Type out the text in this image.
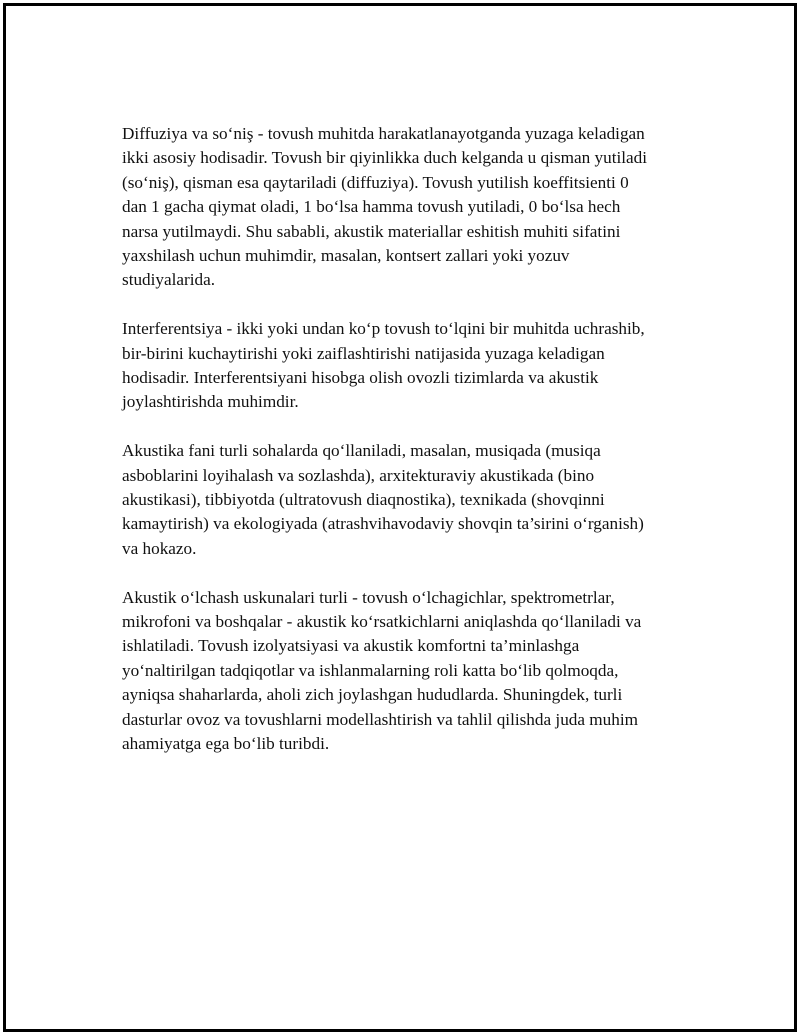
Diffuziya va so‘niş - tovush muhitda harakatlanayotganda yuzaga keladigan
ikki asosiy hodisadir. Tovush bir qiyinlikka duch kelganda u qisman yutiladi
(so‘niş), qisman esa qaytariladi (diffuziya). Tovush yutilish koeffitsienti 0
dan 1 gacha qiymat oladi, 1 bo‘lsa hamma tovush yutiladi, 0 bo‘lsa hech
narsa yutilmaydi. Shu sababli, akustik materiallar eshitish muhiti sifatini
yaxshilash uchun muhimdir, masalan, kontsert zallari yoki yozuv
studiyalarida.

Interferentsiya - ikki yoki undan ko‘p tovush to‘lqini bir muhitda uchrashib,
bir-birini kuchaytirishi yoki zaiflashtirishi natijasida yuzaga keladigan
hodisadir. Interferentsiyani hisobga olish ovozli tizimlarda va akustik
joylashtirishda muhimdir.

Akustika fani turli sohalarda qo‘llaniladi, masalan, musiqada (musiqa
asboblarini loyihalash va sozlashda), arxitekturaviy akustikada (bino
akustikasi), tibbiyotda (ultratovush diaqnostika), texnikada (shovqinni
kamaytirish) va ekologiyada (atrashvihavodaviy shovqin ta’sirini o‘rganish)
va hokazo.

Akustik o‘lchash uskunalari turli - tovush o‘lchagichlar, spektrometrlar,
mikrofoni va boshqalar - akustik ko‘rsatkichlarni aniqlashda qo‘llaniladi va
ishlatiladi. Tovush izolyatsiyasi va akustik komfortni ta’minlashga
yo‘naltirilgan tadqiqotlar va ishlanmalarning roli katta bo‘lib qolmoqda,
ayniqsa shaharlarda, aholi zich joylashgan hududlarda. Shuningdek, turli
dasturlar ovoz va tovushlarni modellashtirish va tahlil qilishda juda muhim
ahamiyatga ega bo‘lib turibdi.
